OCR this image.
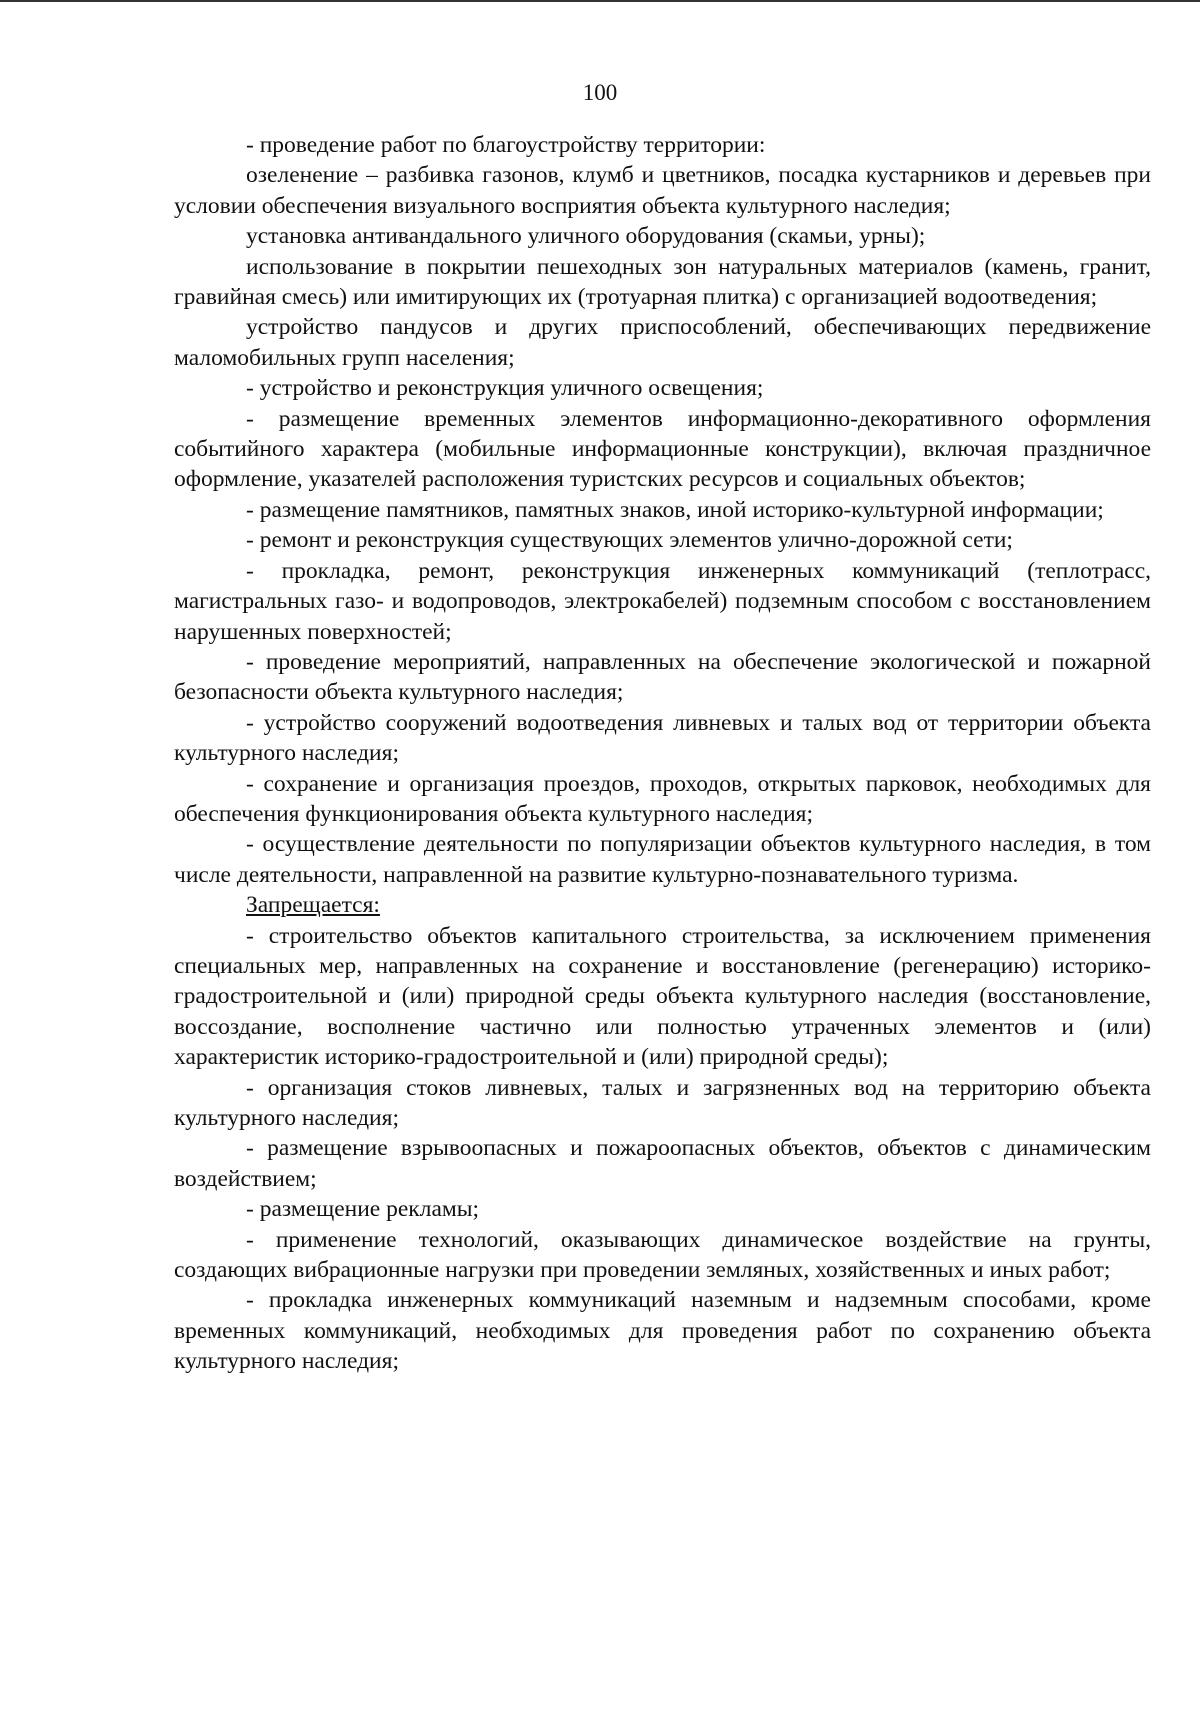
100

- проведение работ по благоустройству территории:

озеленение – разбивка газонов, клумб и цветников, посадка кустарников и деревьев при условии обеспечения визуального восприятия объекта культурного наследия;

установка антивандального уличного оборудования (скамьи, урны);

использование в покрытии пешеходных зон натуральных материалов (камень, гранит, гравийная смесь) или имитирующих их (тротуарная плитка) с организацией водоотведения;

устройство пандусов и других приспособлений, обеспечивающих передвижение маломобильных групп населения;

- устройство и реконструкция уличного освещения;

- размещение временных элементов информационно-декоративного оформления событийного характера (мобильные информационные конструкции), включая праздничное оформление, указателей расположения туристских ресурсов и социальных объектов;

- размещение памятников, памятных знаков, иной историко-культурной информации;

- ремонт и реконструкция существующих элементов улично-дорожной сети;

- прокладка, ремонт, реконструкция инженерных коммуникаций (теплотрасс, магистральных газо- и водопроводов, электрокабелей) подземным способом с восстановлением нарушенных поверхностей;

- проведение мероприятий, направленных на обеспечение экологической и пожарной безопасности объекта культурного наследия;

- устройство сооружений водоотведения ливневых и талых вод от территории объекта культурного наследия;

- сохранение и организация проездов, проходов, открытых парковок, необходимых для обеспечения функционирования объекта культурного наследия;

- осуществление деятельности по популяризации объектов культурного наследия, в том числе деятельности, направленной на развитие культурно-познавательного туризма.

Запрещается:

- строительство объектов капитального строительства, за исключением применения специальных мер, направленных на сохранение и восстановление (регенерацию) историко-градостроительной и (или) природной среды объекта культурного наследия (восстановление, воссоздание, восполнение частично или полностью утраченных элементов и (или) характеристик историко-градостроительной и (или) природной среды);

- организация стоков ливневых, талых и загрязненных вод на территорию объекта культурного наследия;

- размещение взрывоопасных и пожароопасных объектов, объектов с динамическим воздействием;

- размещение рекламы;

- применение технологий, оказывающих динамическое воздействие на грунты, создающих вибрационные нагрузки при проведении земляных, хозяйственных и иных работ;

- прокладка инженерных коммуникаций наземным и надземным способами, кроме временных коммуникаций, необходимых для проведения работ по сохранению объекта культурного наследия;
